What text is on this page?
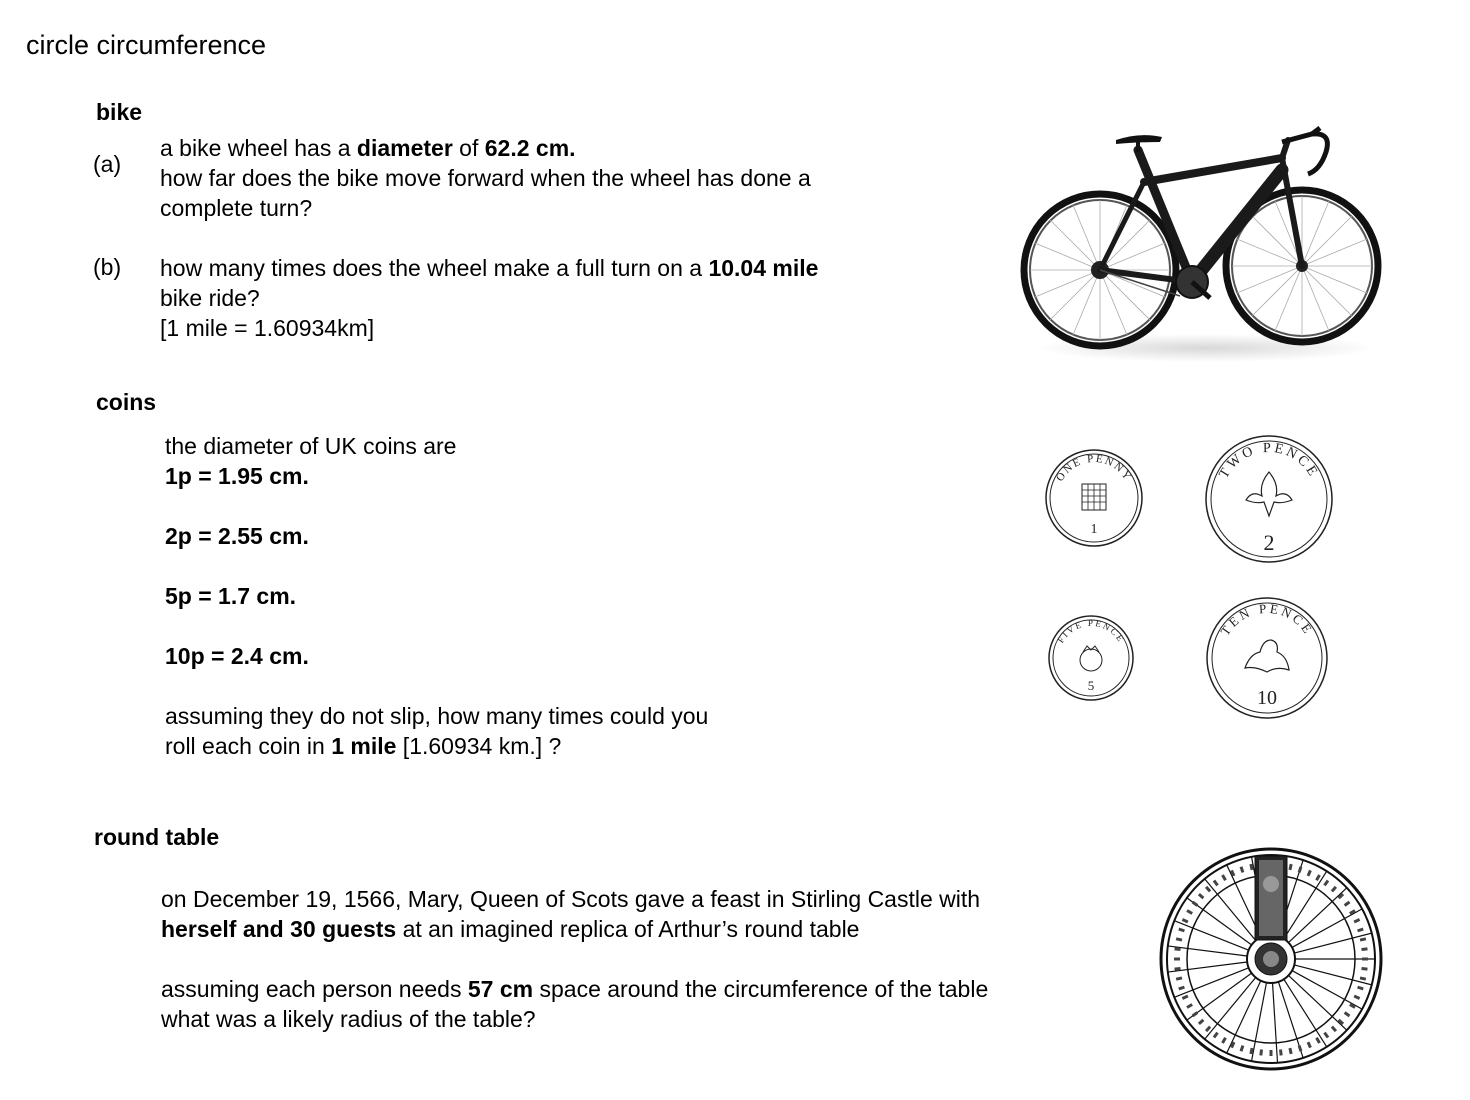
circle circumference
bike
(a)
a bike wheel has a diameter of 62.2 cm.
how far does the bike move forward when the wheel has done a
complete turn?
(b) how many times does the wheel make a full turn on a 10.04 mile
bike ride?
[1 mile = 1.60934km]
coins
the diameter of UK coins are
1p = 1.95 cm.

2p = 2.55 cm.

5p = 1.7 cm.

10p = 2.4 cm.

assuming they do not slip, how many times could you
roll each coin in 1 mile [1.60934 km.] ?
ONE PENNY
1
TWO PENCE
2
FIVE PENCE
5
TEN PENCE
10
round table
on December 19, 1566, Mary, Queen of Scots gave a feast in Stirling Castle with
herself and 30 guests at an imagined replica of Arthur’s round table

assuming each person needs 57 cm space around the circumference of the table
what was a likely radius of the table?
